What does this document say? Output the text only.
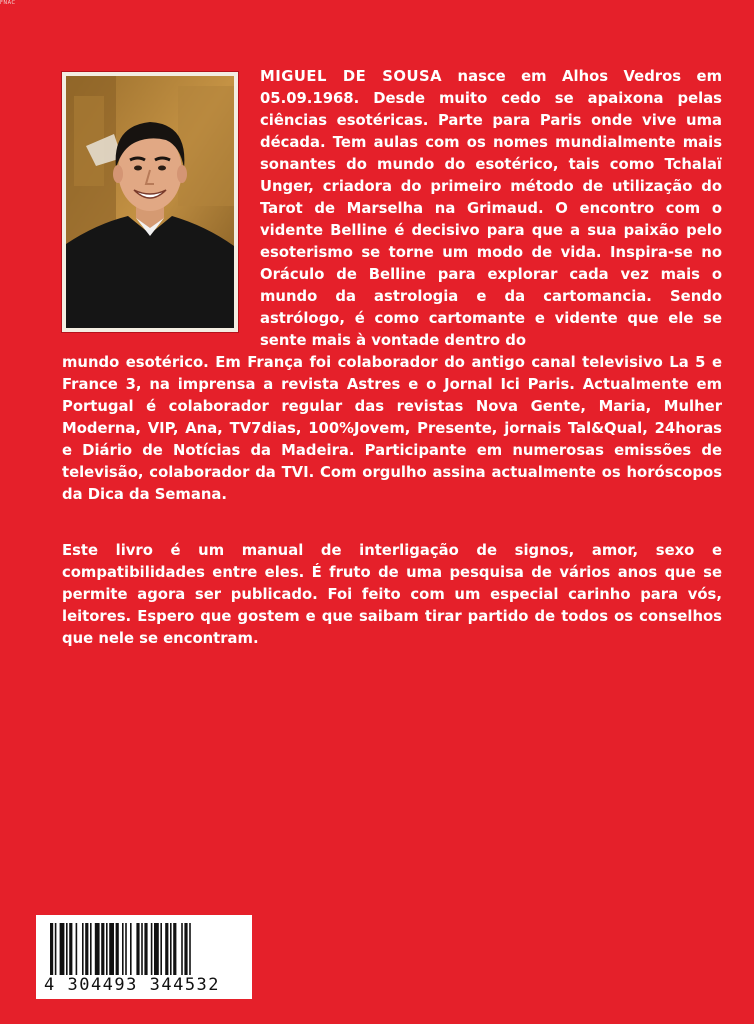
FNAC

MIGUEL DE SOUSA nasce em Alhos Vedros em 05.09.1968. Desde muito cedo se apaixona pelas ciências esotéricas. Parte para Paris onde vive uma década. Tem aulas com os nomes mundialmente mais sonantes do mundo do esotérico, tais como Tchalaï Unger, criadora do primeiro método de utilização do Tarot de Marselha na Grimaud. O encontro com o vidente Belline é decisivo para que a sua paixão pelo esoterismo se torne um modo de vida. Inspira-se no Oráculo de Belline para explorar cada vez mais o mundo da astrologia e da cartomancia. Sendo astrólogo, é como cartomante e vidente que ele se sente mais à vontade dentro do

mundo esotérico. Em França foi colaborador do antigo canal televisivo La 5 e France 3, na imprensa a revista Astres e o Jornal Ici Paris. Actualmente em Portugal é colaborador regular das revistas Nova Gente, Maria, Mulher Moderna, VIP, Ana, TV7dias, 100%Jovem, Presente, jornais Tal&Qual, 24horas e Diário de Notícias da Madeira. Participante em numerosas emissões de televisão, colaborador da TVI. Com orgulho assina actualmente os horóscopos da Dica da Semana.

Este livro é um manual de interligação de signos, amor, sexo e compatibilidades entre eles. É fruto de uma pesquisa de vários anos que se permite agora ser publicado. Foi feito com um especial carinho para vós, leitores. Espero que gostem e que saibam tirar partido de todos os conselhos que nele se encontram.

4 304493 344532
